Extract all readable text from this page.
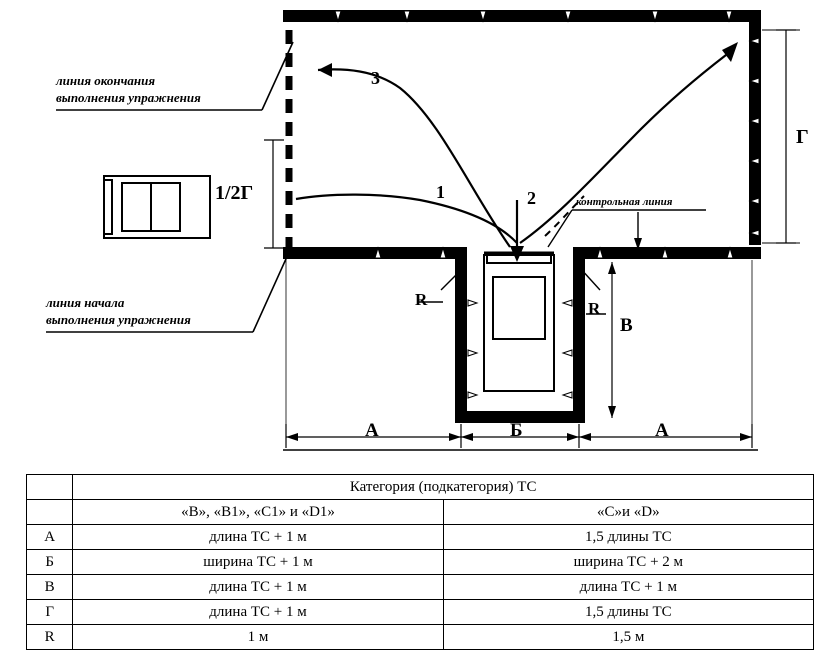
линия окончания
выполнения упражнения
линия начала
выполнения упражнения
контрольная линия
1	2
3
1/2Г
Г
В
А	Б	А
R	R
	Категория (подкатегория) ТС	
	«В», «В1», «С1» и «D1»	«С»и «D»
А	длина ТС + 1 м	1,5 длины ТС
Б	ширина ТС + 1 м	ширина ТС + 2 м
В	длина ТС + 1 м	длина ТС + 1 м
Г	длина ТС + 1 м	1,5 длины ТС
R	1 м	1,5 м
